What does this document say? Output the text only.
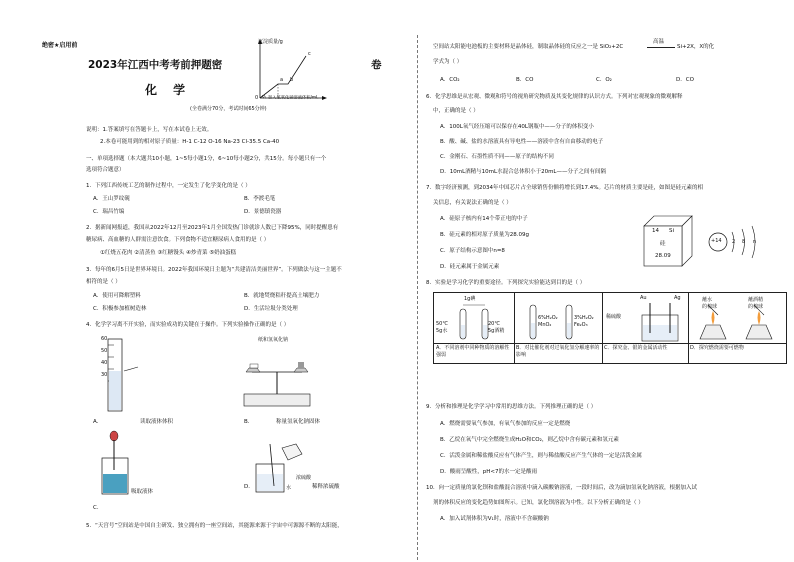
绝密★启用前
2023年江西中考考前押题密	卷
化 学
(全卷满分70分，考试时间65分钟)
沉淀质量/g
V₁ 加入氢氧化钠溶液体积/mL
0
a b
c
说明：1.答案填写在答题卡上，写在本试卷上无效。
2.本卷可能用到的相对原子质量：H-1 C-12 O-16 Na-23 Cl-35.5 Ca-40
一、单项选择题（本大题共10小题，1~5每小题1分，6~10每小题2分，共15分。每小题只有一个
选项符合题意）
1．下列江西传统工艺的制作过程中，一定发生了化学变化的是（ ）
A．王山罗纹砚	B．李渡毛笔
C．瑞昌竹编	D．景德镇瓷器
2．据新闻网报道，我国从2022年12月至2023年1月全国发热门诊就诊人数已下降95%，同时提醒患有
糖尿病、高血糖的人群需注意饮食。下列食物不适宜糖尿病人食用的是（ ）
①红烧五花肉 ②清蒸鱼 ③红糖馒头 ④炒青菜 ⑤奶油蛋糕
3．每年的6月5日是世界环境日。2022年我国环境日主题为“共建清洁美丽世界”。下列做法与这一主题不
相符的是（ ）
A．使用可降解塑料	B．就地焚烧秸秆提高土壤肥力
C．积极参加植树造林	D．生活垃圾分类处理
4．化学学习离不开实验，而实验成功的关键在于操作。下列实验操作正确的是（ ）
60
50
40
30
A．	读取液体体积
纸和氢氧化钠
B．	称量氢氧化钠固体
C．
吸取液体
水
浓硫酸
D．	稀释浓硫酸
5．“天宫号”空间站是中国自主研发、独立拥有的一座空间站，其能源来源于宇宙中可源源不断的太阳能，
空间站太阳能电池板的主要材料是晶体硅，制取晶体硅的反应之一是 SiO₂+2C
高温
Si+2X，X的化
学式为（ ）
A．CO₂	B．CO	C．O₂	D．CO
6．化学思维是从宏观、微观和符号的视角研究物质及其变化规律的认识方式。下列对宏观现象的微观解释
中，正确的是（ ）
A．100L氧气经压缩可以保存在40L钢瓶中——分子的体积变小
B．酸、碱、盐的水溶液具有导电性——溶液中含有自由移动的电子
C．金刚石、石墨性质不同——原子的结构不同
D．10mL酒精与10mL水混合总体积小于20mL——分子之间有间隔
7．数字经济预测，到2034年中国芯片占全球销售份额将增长到17.4%。芯片的材质主要是硅，如图是硅元素的相
关信息，有关说法正确的是（ ）
A．硅原子核内有14个带正电的中子
B．硅元素的相对原子质量为28.09g
C．原子结构示意图中n=8
D．硅元素属于金属元素
14 Si
硅
28.09
+14 2 8 n
8．实验是学习化学的重要途径。下列探究实验能达到目的是（ ）
1g碘
50℃
5g水
20℃
5g酒精
A．不同溶剂中同种物质的溶解性强弱
6%H₂O₂
MnO₂
3%H₂O₂
Fe₂O₃
B．对比催化剂对过氧化氢分解速率的影响
Au	Ag
稀硫酸
C．探究金、银的金属活动性
蘸水
的棉球
蘸酒精
的棉球
D．探究燃烧需要可燃物
9．分析和推理是化学学习中常用的思维方法。下列推理正确的是（ ）
A．燃烧需要氧气参加，有氧气参加的反应一定是燃烧
B．乙烷在氧气中完全燃烧生成H₂O和CO₂，则乙烷中含有碳元素和氢元素
C．活泼金属和稀盐酸反应有气体产生，则与稀盐酸反应产生气体的一定是活泼金属
D．酸雨呈酸性，pH<7的水一定是酸雨
10．向一定质量的氯化钡和盐酸混合溶液中滴入碳酸钠溶液，一段时间后，改为滴加氢氧化钠溶液，根据加入试
剂的体积反应的变化趋势如图所示。已知，氯化钡溶液为中性。以下分析正确的是（ ）
A．加入试剂体积为V₁时，溶液中不含碳酸钠
